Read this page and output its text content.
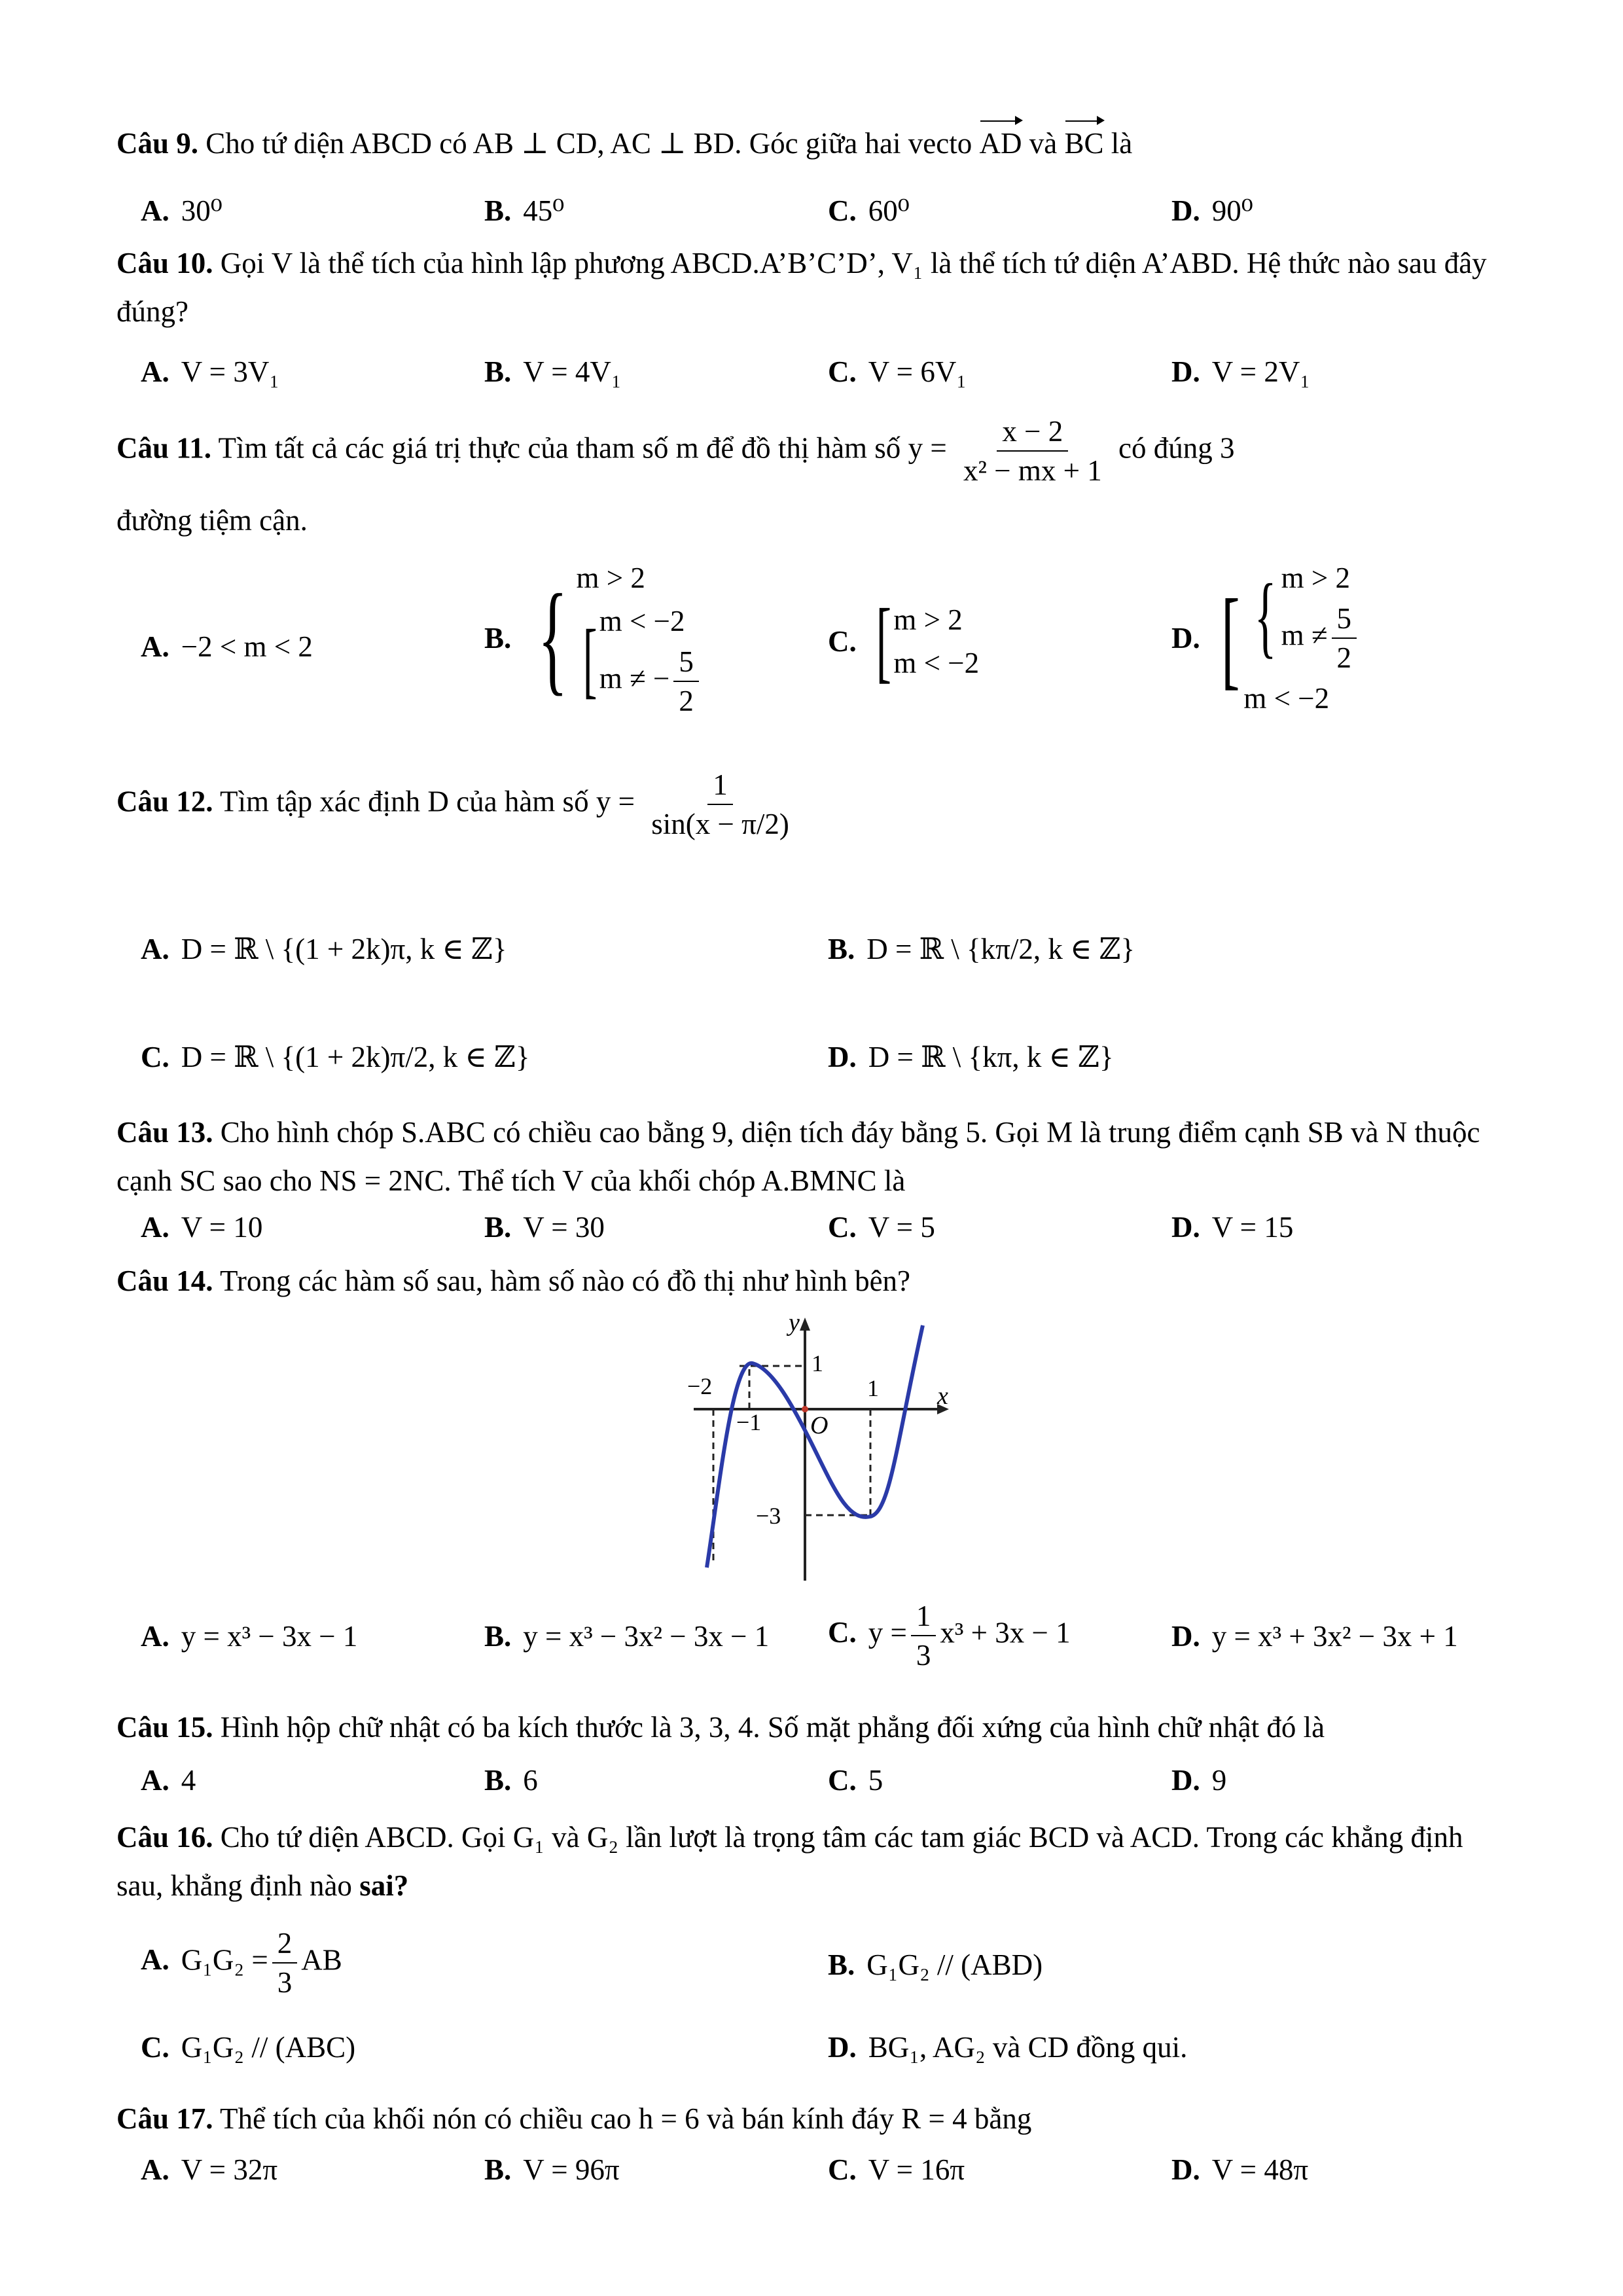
Câu 9. Cho tứ diện ABCD có AB ⊥ CD, AC ⊥ BD. Góc giữa hai vecto AD và BC là
A. 30⁰	B. 45⁰	C. 60⁰	D. 90⁰
Câu 10. Gọi V là thể tích của hình lập phương ABCD.A’B’C’D’, V₁ là thể tích tứ diện A’ABD. Hệ thức nào sau đây đúng?
A. V = 3V₁	B. V = 4V₁	C. V = 6V₁	D. V = 2V₁
Câu 11. Tìm tất cả các giá trị thực của tham số m để đồ thị hàm số $y = \frac{x - 2}{\text{x² − mx + 1}}$ có đúng 3
đường tiệm cận.
A. −2 < m < 2	B. { m > 2
[ m < −2
m ≠ − $\frac{5}{2}$
C. [ m > 2
m < −2
D. [ { m > 2
$m \ne \frac{5}{2}$
m < −2
Câu 12. Tìm tập xác định D của hàm số $y = \frac{1}{\sin(x - \pi/2)}$
A. D = ℝ \ {(1 + 2k)π, k ∈ ℤ}	B. D = ℝ \ {kπ/2, k ∈ ℤ}
C. D = ℝ \ {(1 + 2k)π/2, k ∈ ℤ}	D. D = ℝ \ {kπ, k ∈ ℤ}
Câu 13. Cho hình chóp S.ABC có chiều cao bằng 9, diện tích đáy bằng 5. Gọi M là trung điểm cạnh SB và N thuộc cạnh SC sao cho NS = 2NC. Thể tích V của khối chóp A.BMNC là
A. V = 10	B. V = 30	C. V = 5	D. V = 15
Câu 14. Trong các hàm số sau, hàm số nào có đồ thị như hình bên?
y
x
O
−2
−1
1
1
−3
A. y = x³ − 3x − 1	B. y = x³ − 3x² − 3x − 1 C. $y = \frac{1}{3} x^3 + 3x - 1$	D. y = x³ + 3x² − 3x + 1
Câu 15. Hình hộp chữ nhật có ba kích thước là 3, 3, 4. Số mặt phẳng đối xứng của hình chữ nhật đó là
A. 4	B. 6	C. 5	D. 9
Câu 16. Cho tứ diện ABCD. Gọi G₁ và G₂ lần lượt là trọng tâm các tam giác BCD và ACD. Trong các khẳng định sau, khẳng định nào sai?
A. $G_1G_2 = \frac{2}{3}$ AB	B. G₁G₂ // (ABD)
C. G₁G₂ // (ABC)	D. BG₁, AG₂ và CD đồng qui.
Câu 17. Thể tích của khối nón có chiều cao h = 6 và bán kính đáy R = 4 bằng
A. V = 32π	B. V = 96π	C. V = 16π	D. V = 48π
